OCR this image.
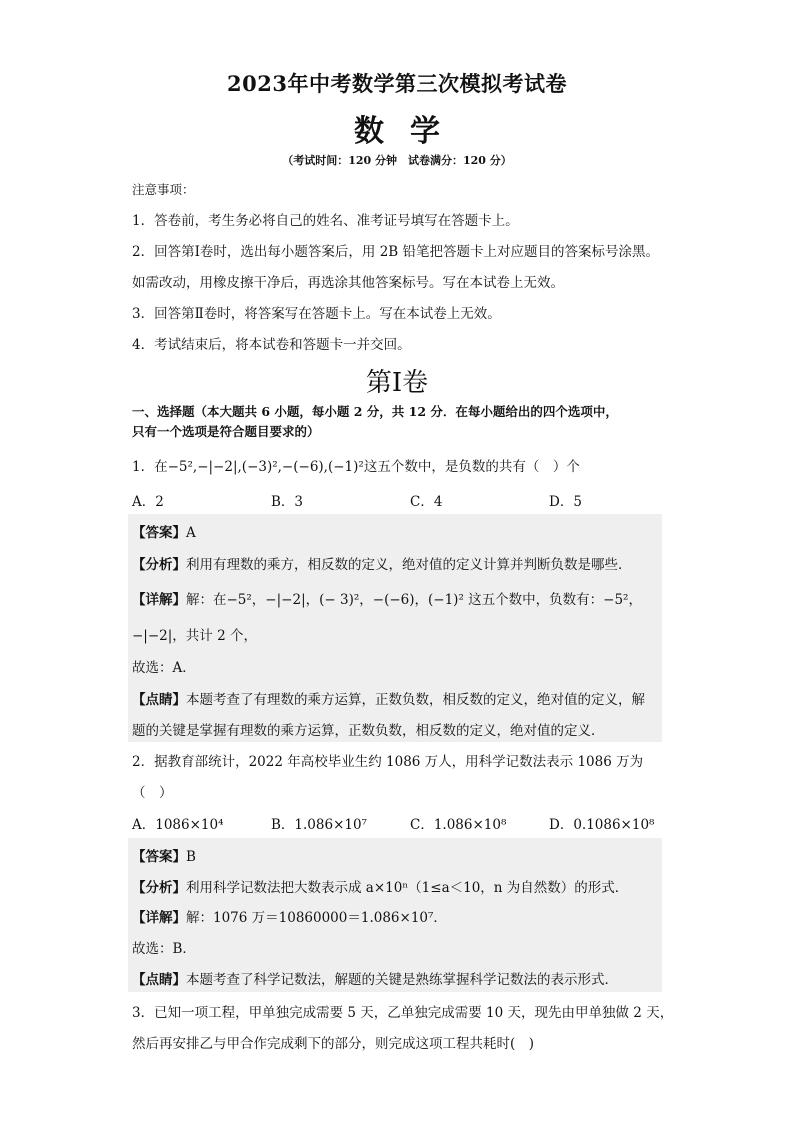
2023年中考数学第三次模拟考试卷
数学
（考试时间：120 分钟　试卷满分：120 分）
注意事项：
1．答卷前，考生务必将自己的姓名、准考证号填写在答题卡上。
2．回答第Ⅰ卷时，选出每小题答案后，用 2B 铅笔把答题卡上对应题目的答案标号涂黑。
如需改动，用橡皮擦干净后，再选涂其他答案标号。写在本试卷上无效。
3．回答第Ⅱ卷时，将答案写在答题卡上。写在本试卷上无效。
4．考试结束后，将本试卷和答题卡一并交回。
第Ⅰ卷
一、选择题（本大题共 6 小题，每小题 2 分，共 12 分．在每小题给出的四个选项中，
只有一个选项是符合题目要求的）
1．在−5²,−|−2|,(−3)²,−(−6),(−1)²这五个数中，是负数的共有（　）个
A．2	B．3	C．4	D．5
【答案】A
【分析】利用有理数的乘方，相反数的定义，绝对值的定义计算并判断负数是哪些．
【详解】解：在−5²，−|−2|，(− 3)²，−(−6)，(−1)² 这五个数中，负数有：−5²，
−|−2|，共计 2 个，
故选：A．
【点睛】本题考查了有理数的乘方运算，正数负数，相反数的定义，绝对值的定义，解
题的关键是掌握有理数的乘方运算，正数负数，相反数的定义，绝对值的定义．
2．据教育部统计，2022 年高校毕业生约 1086 万人，用科学记数法表示 1086 万为
（　）
A．1086×10⁴	B．1.086×10⁷	C．1.086×10⁸	D．0.1086×10⁸
【答案】B
【分析】利用科学记数法把大数表示成 a×10ⁿ（1≤a＜10，n 为自然数）的形式．
【详解】解：1076 万＝10860000＝1.086×10⁷．
故选：B．
【点睛】本题考查了科学记数法，解题的关键是熟练掌握科学记数法的表示形式．
3．已知一项工程，甲单独完成需要 5 天，乙单独完成需要 10 天，现先由甲单独做 2 天，
然后再安排乙与甲合作完成剩下的部分，则完成这项工程共耗时(　)
